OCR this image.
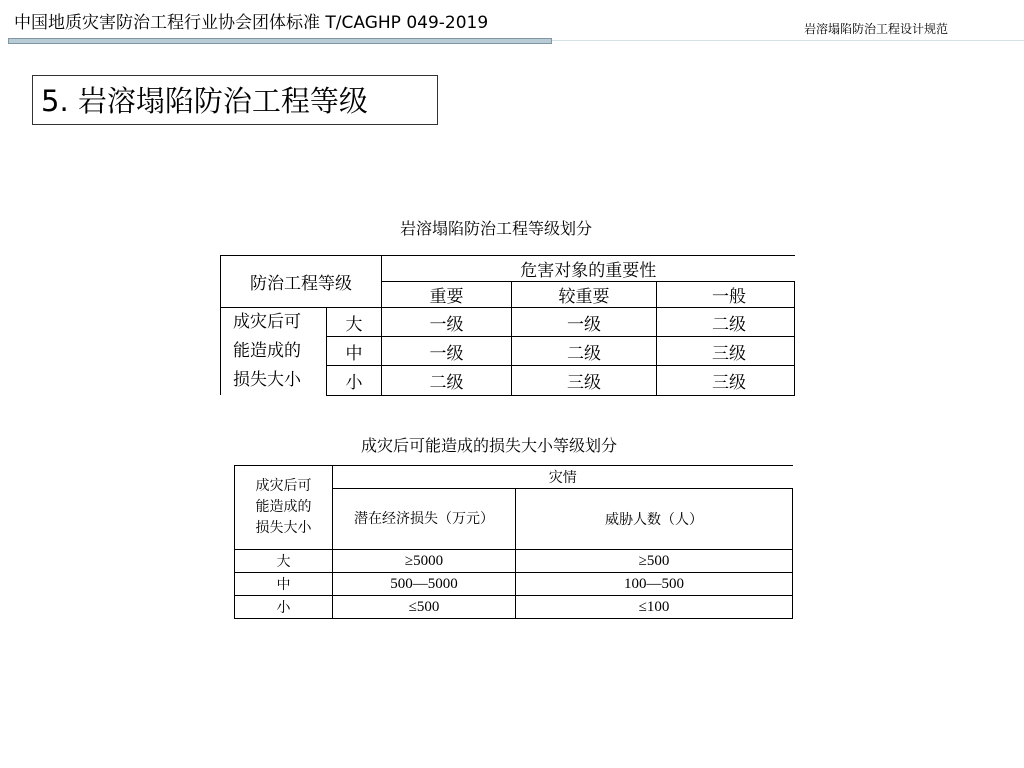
中国地质灾害防治工程行业协会团体标准 T/CAGHP 049-2019	岩溶塌陷防治工程设计规范
5. 岩溶塌陷防治工程等级
岩溶塌陷防治工程等级划分
防治工程等级		危害对象的重要性		
		重要	较重要	一般

成灾后可
能造成的
损失大小	大	一级	一级	二级
	中	一级	二级	三级
	小	二级	三级	三级
成灾后可能造成的损失大小等级划分
成灾后可
能造成的
损失大小	灾情	
	潜在经济损失（万元）	威胁人数（人）
大	≥5000	≥500
中	500—5000	100—500
小	≤500	≤100
